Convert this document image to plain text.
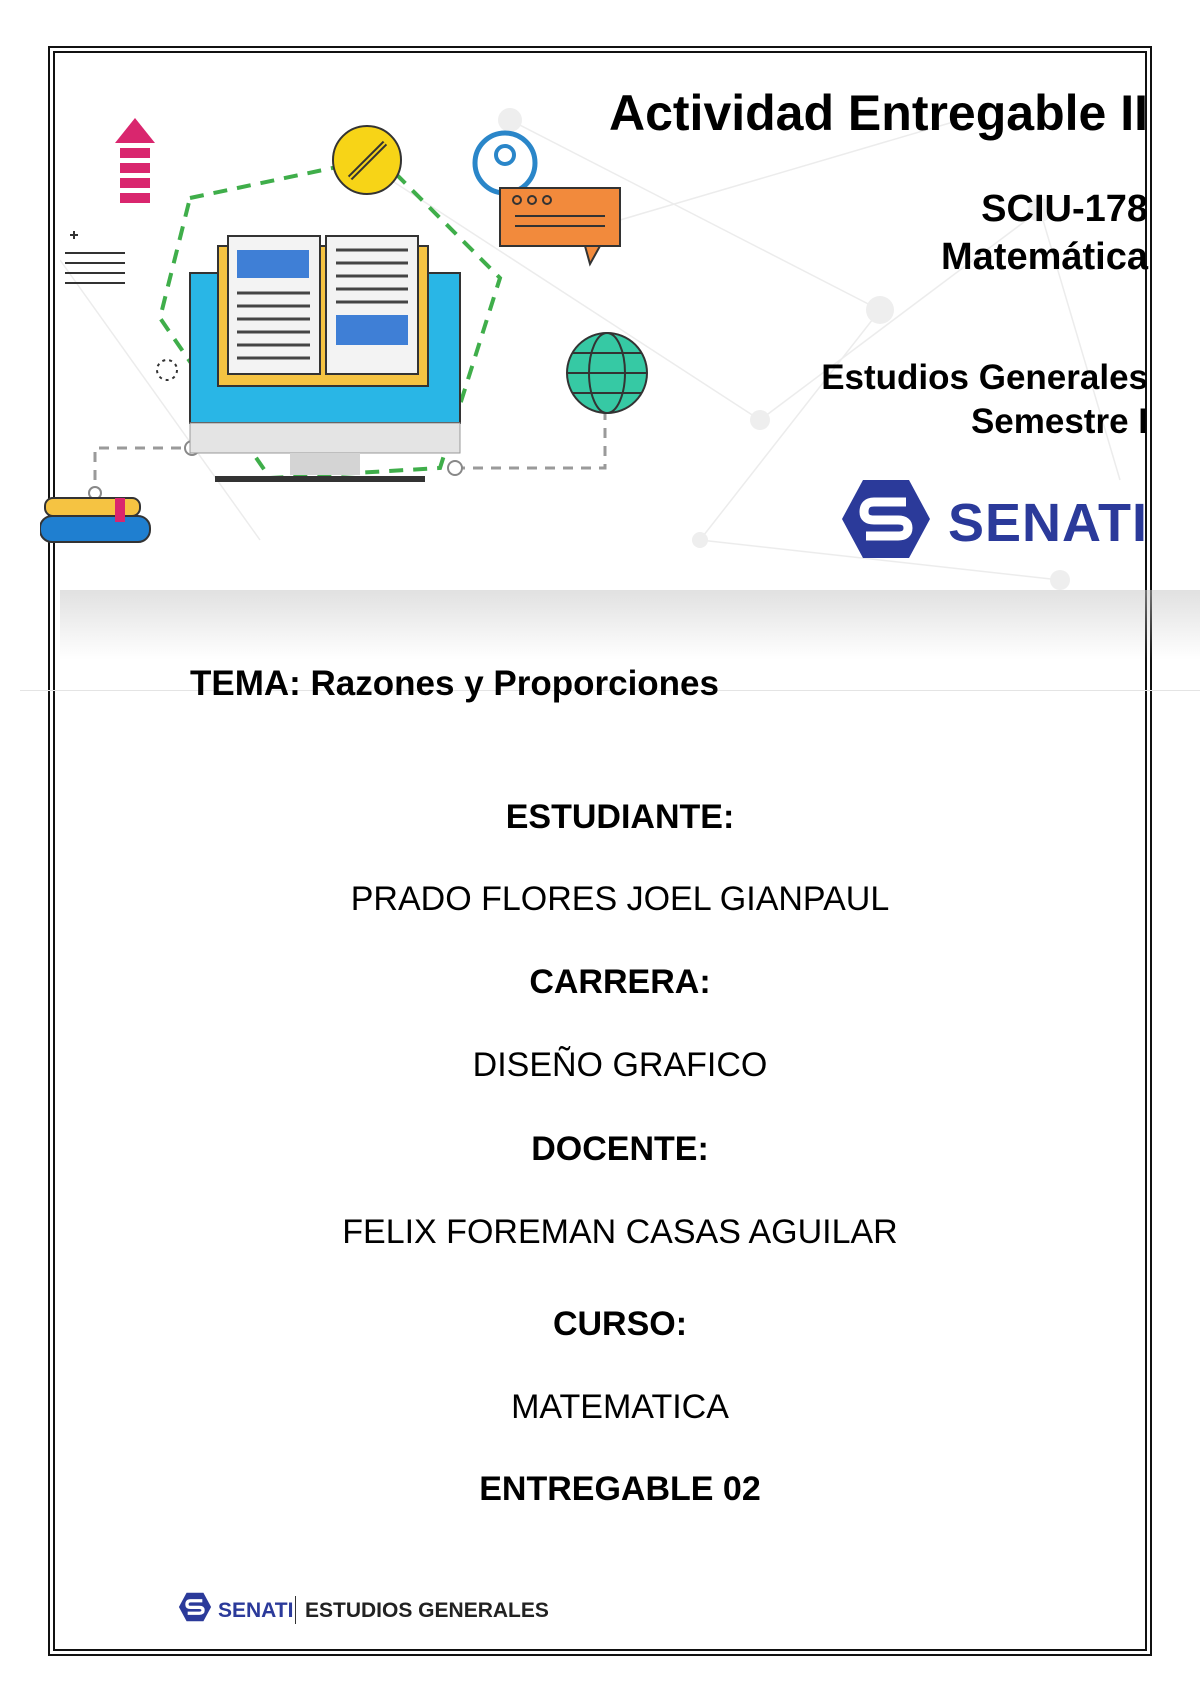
Actividad Entregable II
SCIU-178
Matemática
Estudios Generales
Semestre I
SENATI
TEMA: Razones y Proporciones
ESTUDIANTE:
PRADO FLORES JOEL GIANPAUL
CARRERA:
DISEÑO GRAFICO
DOCENTE:
FELIX FOREMAN CASAS AGUILAR
CURSO:
MATEMATICA
ENTREGABLE 02
SENATI ESTUDIOS GENERALES
